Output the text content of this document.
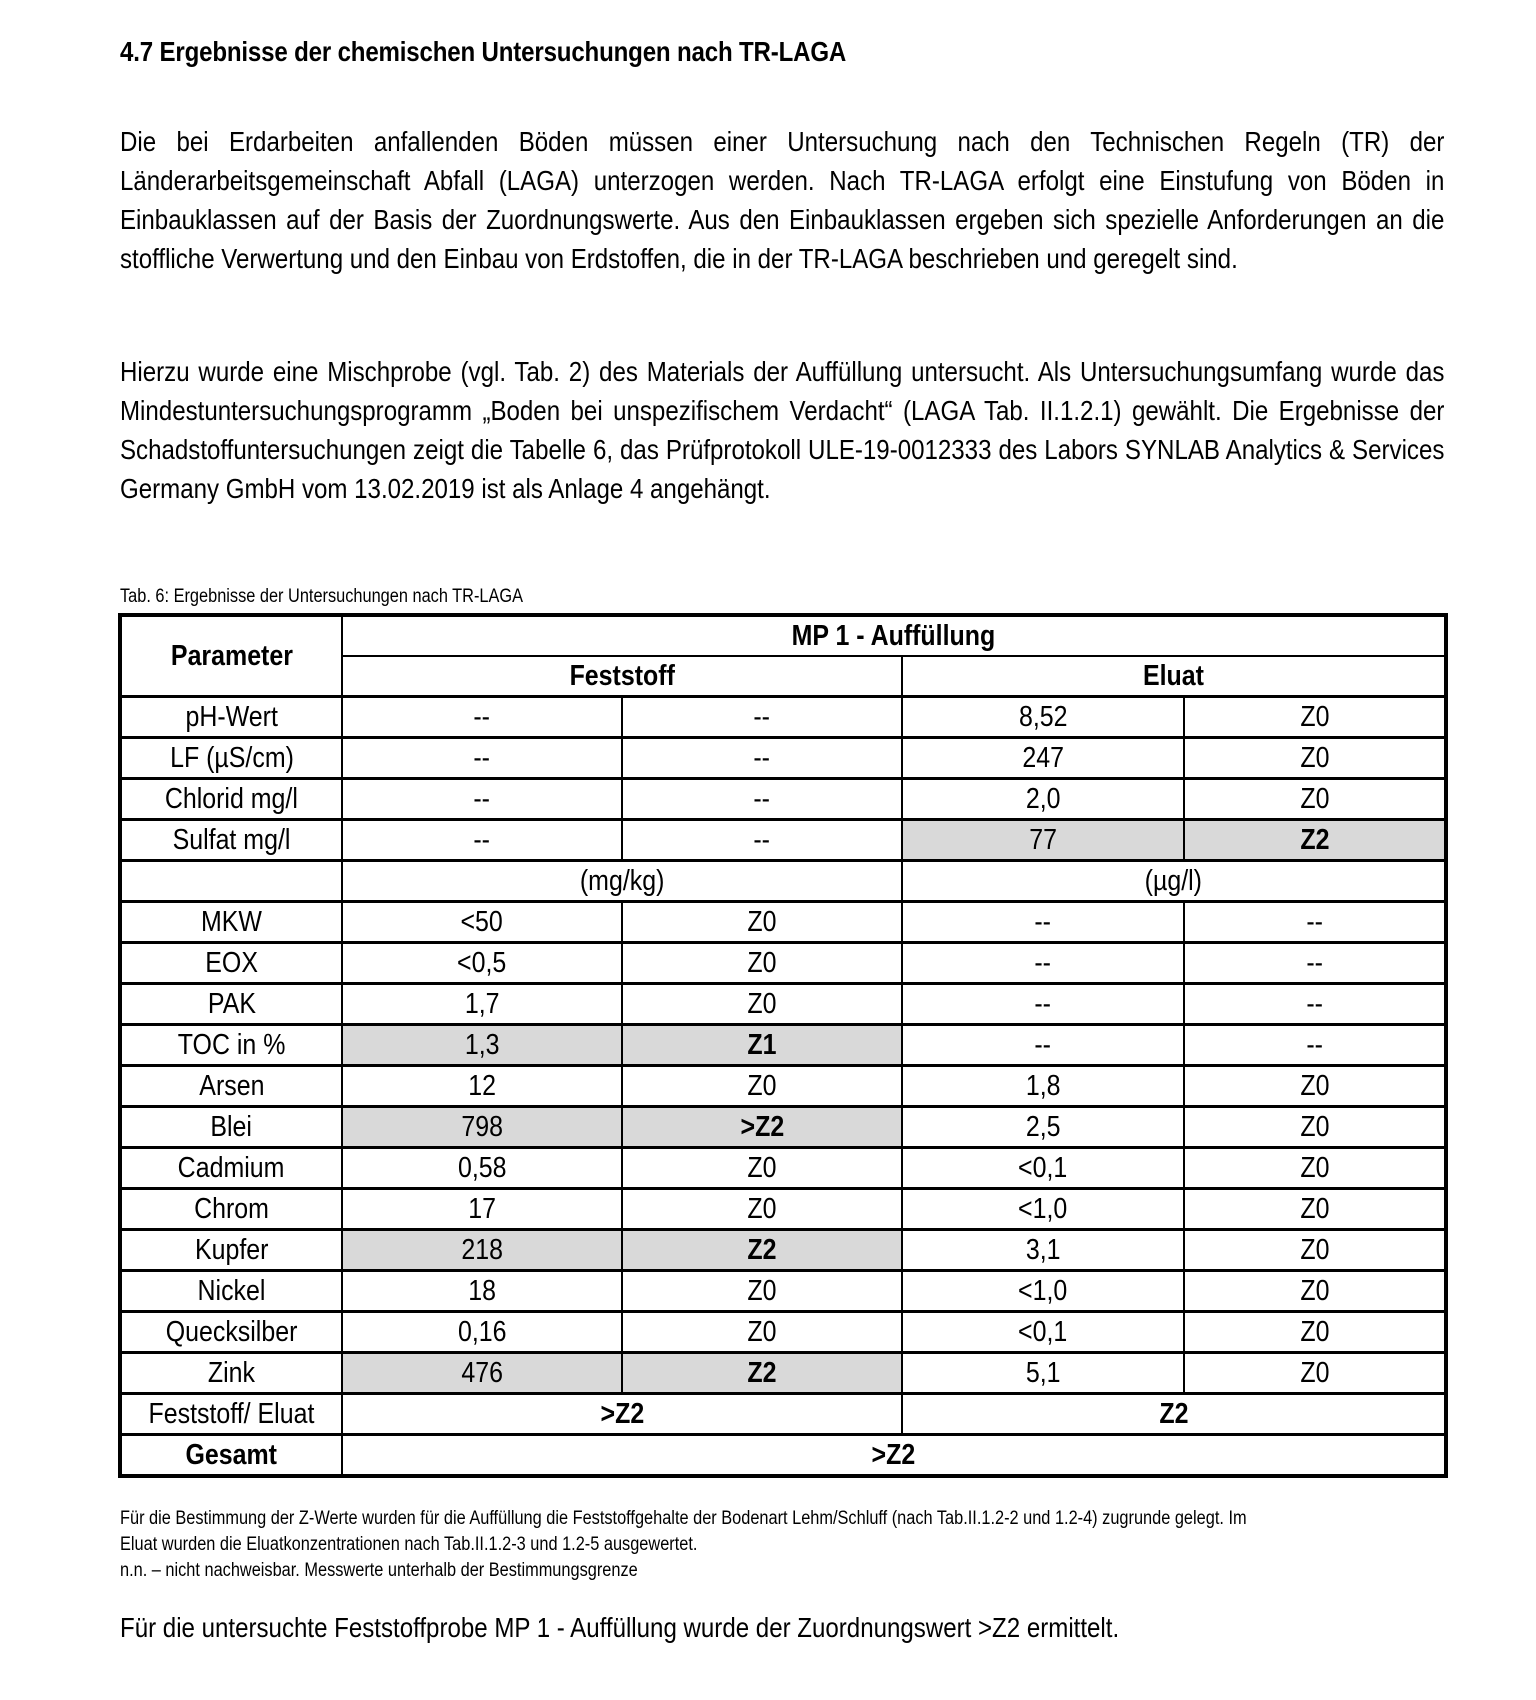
4.7 Ergebnisse der chemischen Untersuchungen nach TR-LAGA
Die bei Erdarbeiten anfallenden Böden müssen einer Untersuchung nach den Technischen Regeln (TR) der Länderarbeitsgemeinschaft Abfall (LAGA) unterzogen werden. Nach TR-LAGA erfolgt eine Einstufung von Böden in Einbauklassen auf der Basis der Zuordnungswerte. Aus den Einbauklassen ergeben sich spezielle Anforderungen an die stoffliche Verwertung und den Einbau von Erdstoffen, die in der TR-LAGA beschrieben und geregelt sind.
Hierzu wurde eine Mischprobe (vgl. Tab. 2) des Materials der Auffüllung untersucht. Als Untersuchungsumfang wurde das Mindestuntersuchungsprogramm „Boden bei unspezifischem Verdacht“ (LAGA Tab. II.1.2.1) gewählt. Die Ergebnisse der Schadstoffuntersuchungen zeigt die Tabelle 6, das Prüfprotokoll ULE-19-0012333 des Labors SYNLAB Analytics & Services Germany GmbH vom 13.02.2019 ist als Anlage 4 angehängt.
Tab. 6: Ergebnisse der Untersuchungen nach TR-LAGA
Parameter	MP 1 - Auffüllung			
	Feststoff		Eluat	
pH-Wert	--	--	8,52	Z0
LF (µS/cm)	--	--	247	Z0
Chlorid mg/l	--	--	2,0	Z0
Sulfat mg/l	--	--	77	Z2
	(mg/kg)		(µg/l)	
MKW	<50	Z0	--	--
EOX	<0,5	Z0	--	--
PAK	1,7	Z0	--	--
TOC in %	1,3	Z1	--	--
Arsen	12	Z0	1,8	Z0
Blei	798	>Z2	2,5	Z0
Cadmium	0,58	Z0	<0,1	Z0
Chrom	17	Z0	<1,0	Z0
Kupfer	218	Z2	3,1	Z0
Nickel	18	Z0	<1,0	Z0
Quecksilber	0,16	Z0	<0,1	Z0
Zink	476	Z2	5,1	Z0
Feststoff/ Eluat	>Z2		Z2	
Gesamt	>Z2			
Für die Bestimmung der Z-Werte wurden für die Auffüllung die Feststoffgehalte der Bodenart Lehm/Schluff (nach Tab.II.1.2-2 und 1.2-4) zugrunde gelegt. Im
Eluat wurden die Eluatkonzentrationen nach Tab.II.1.2-3 und 1.2-5 ausgewertet.
n.n. – nicht nachweisbar. Messwerte unterhalb der Bestimmungsgrenze
Für die untersuchte Feststoffprobe MP 1 - Auffüllung wurde der Zuordnungswert >Z2 ermittelt.
